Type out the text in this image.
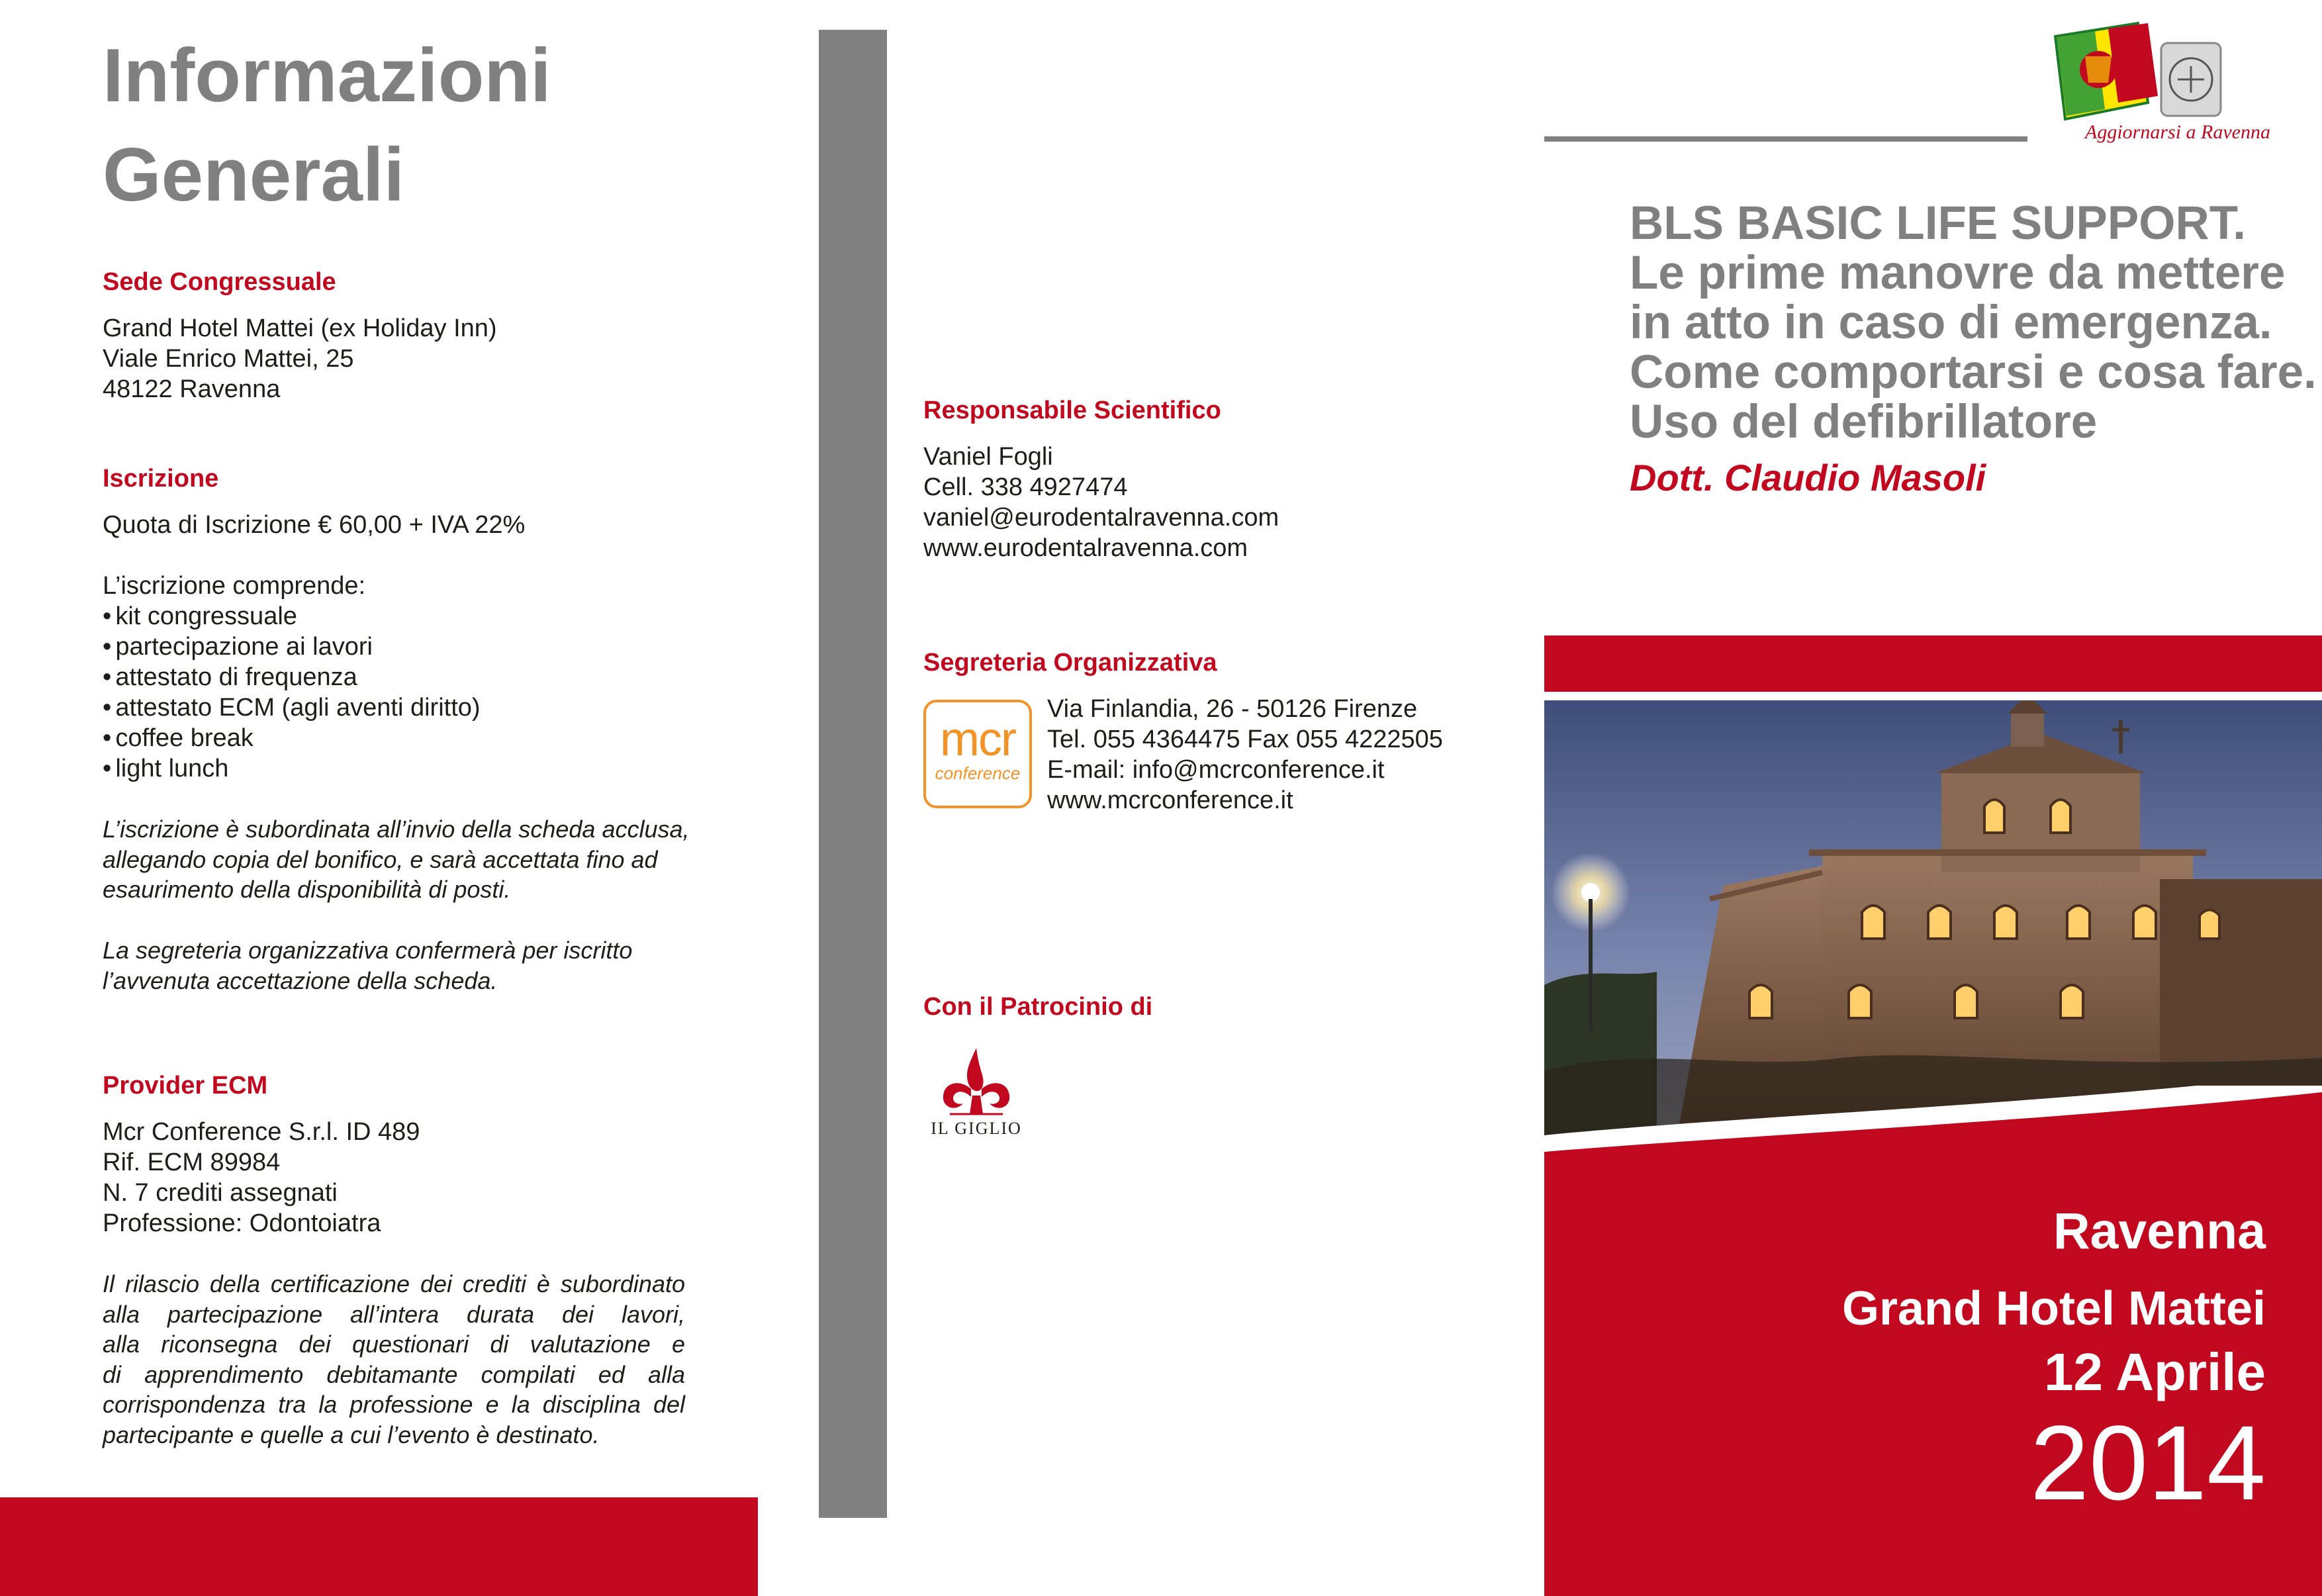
Informazioni
Generali
Sede Congressuale

Grand Hotel Mattei (ex Holiday Inn)
Viale Enrico Mattei, 25
48122 Ravenna

Iscrizione

Quota di Iscrizione € 60,00 + IVA 22%

L’iscrizione comprende:
• kit congressuale
• partecipazione ai lavori
• attestato di frequenza
• attestato ECM (agli aventi diritto)
• coffee break
• light lunch

L’iscrizione è subordinata all’invio della scheda acclusa,
allegando copia del bonifico, e sarà accettata fino ad
esaurimento della disponibilità di posti.

La segreteria organizzativa confermerà per iscritto
l’avvenuta accettazione della scheda.

Provider ECM

Mcr Conference S.r.l. ID 489
Rif. ECM 89984
N. 7 crediti assegnati
Professione: Odontoiatra

Il rilascio della certificazione dei crediti è subordinato
alla partecipazione all’intera durata dei lavori,
alla riconsegna dei questionari di valutazione e
di apprendimento debitamante compilati ed alla
corrispondenza tra la professione e la disciplina del
partecipante e quelle a cui l’evento è destinato.

Responsabile Scientifico

Vaniel Fogli
Cell. 338 4927474
vaniel@eurodentalravenna.com
www.eurodentalravenna.com

Segreteria Organizzativa
mcr
conference

Via Finlandia, 26 - 50126 Firenze
Tel. 055 4364475 Fax 055 4222505
E-mail: info@mcrconference.it
www.mcrconference.it

Con il Patrocinio di
IL GIGLIO
Aggiornarsi a Ravenna
BLS BASIC LIFE SUPPORT.
Le prime manovre da mettere
in atto in caso di emergenza.
Come comportarsi e cosa fare.
Uso del defibrillatore

Dott. Claudio Masoli

Ravenna

Grand Hotel Mattei

12 Aprile

2014
